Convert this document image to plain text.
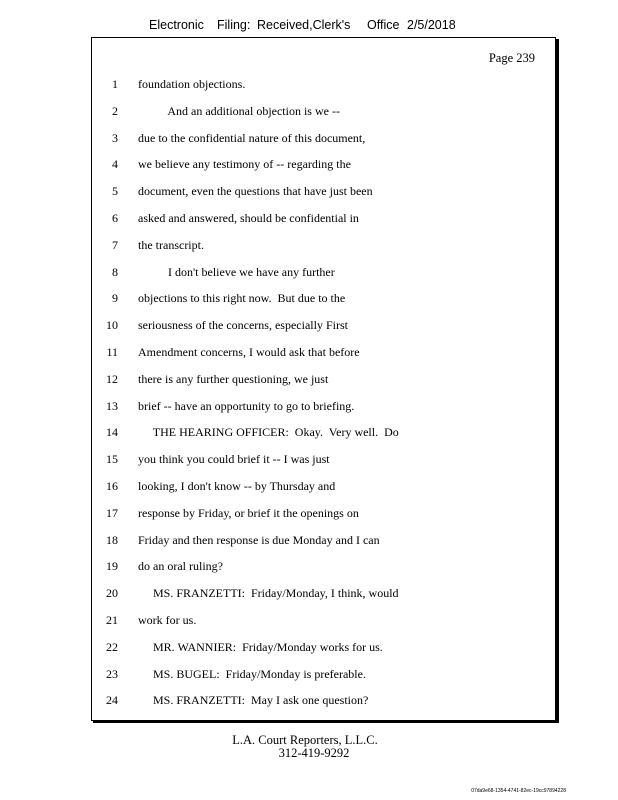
Electronic Filing: Received,Clerk's Office 2/5/2018
Page 239
1 foundation objections.
2 And an additional objection is we --
3 due to the confidential nature of this document,
4 we believe any testimony of -- regarding the
5 document, even the questions that have just been
6 asked and answered, should be confidential in
7 the transcript.
8 I don't believe we have any further
9 objections to this right now.  But due to the
10 seriousness of the concerns, especially First
11 Amendment concerns, I would ask that before
12 there is any further questioning, we just
13 brief -- have an opportunity to go to briefing.
14 THE HEARING OFFICER:  Okay.  Very well.  Do
15 you think you could brief it -- I was just
16 looking, I don't know -- by Thursday and
17 response by Friday, or brief it the openings on
18 Friday and then response is due Monday and I can
19 do an oral ruling?
20 MS. FRANZETTI:  Friday/Monday, I think, would
21 work for us.
22 MR. WANNIER:  Friday/Monday works for us.
23 MS. BUGEL:  Friday/Monday is preferable.
24 MS. FRANZETTI:  May I ask one question?
L.A. Court Reporters, L.L.C.
312-419-9292
07da9e68-1354-4741-82ec-19cc97894228
